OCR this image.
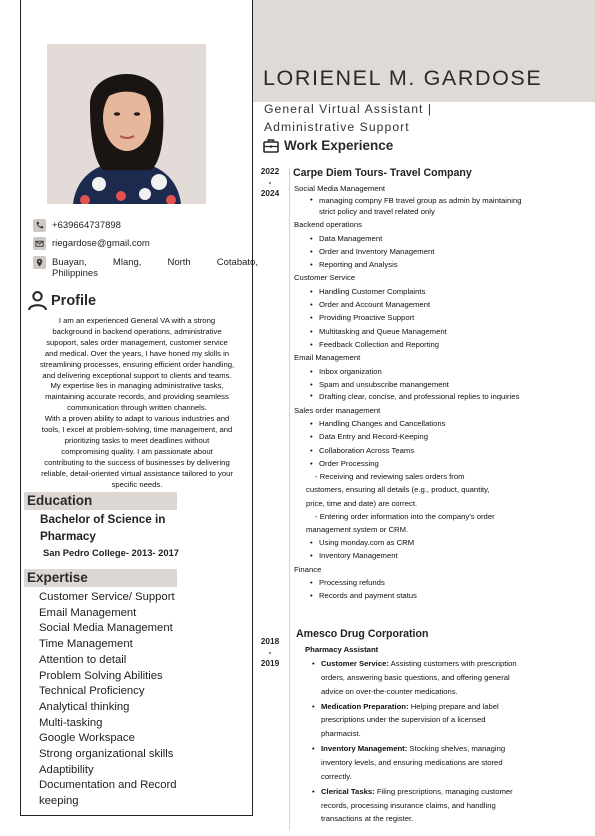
LORIENEL M. GARDOSE
General Virtual Assistant |
Administrative Support
+639664737898
riegardose@gmail.com
Buayan,	Mlang,	North	Cotabato,
Philippines
Profile
I am an experienced General VA with a strong
background in backend operations, administrative
supoport, sales order management, customer service
and medical. Over the years, I have honed my skills in
streamlining processes, ensuring efficient order handling,
and delivering exceptional support to clients and teams.
My expertise lies in managing administrative tasks,
maintaining accurate records, and providing seamless
communication through written channels.
With a proven ability to adapt to various industries and
tools, I excel at problem-solving, time management, and
prioritizing tasks to meet deadlines without
compromising quality. I am passionate about
contributing to the success of businesses by delivering
reliable, detail-oriented virtual assistance tailored to your
specific needs.
Education
Bachelor of Science in
Pharmacy
San Pedro College- 2013- 2017
Expertise
Customer Service/ Support
Email Management
Social Media Management
Time Management
Attention to detail
Problem Solving Abilities
Technical Proficiency
Analytical thinking
Multi-tasking
Google Workspace
Strong organizational skills
Adaptibility
Documentation and Record
keeping
Work Experience
2022
-
2024
Carpe Diem Tours- Travel Company
Social Media Management
• managing compny FB travel group as admin by maintaining strict policy and travel related only
Backend operations
• Data Management
• Order and Inventory Management
• Reporting and Analysis
Customer Service
• Handling Customer Complaints
• Order and Account Management
• Providing Proactive Support
• Multitasking and Queue Management
• Feedback Collection and Reporting
Email Management
• Inbox organization
• Spam and unsubscribe manangement
• Drafting clear, concise, and professional replies to inquiries
Sales order management
• Handling Changes and Cancellations
• Data Entry and Record-Keeping
• Collaboration Across Teams
• Order Processing
- Receiving and reviewing sales orders from
customers, ensuring all details (e.g., product, quantity,
price, time and date) are correct.
- Entering order information into the company's order
management system or CRM.
• Using monday.com as CRM
• Inventory Management
Finance
• Processing refunds
• Records and payment status
2018
-
2019
Amesco Drug Corporation
Pharmacy Assistant
• Customer Service: Assisting customers with prescription
orders, answering basic questions, and offering general
advice on over-the-counter medications.
• Medication Preparation: Helping prepare and label
prescriptions under the supervision of a licensed
pharmacist.
• Inventory Management: Stocking shelves, managing
inventory levels, and ensuring medications are stored
correctly.
• Clerical Tasks: Filing prescriptions, managing customer
records, processing insurance claims, and handling
transactions at the register.
